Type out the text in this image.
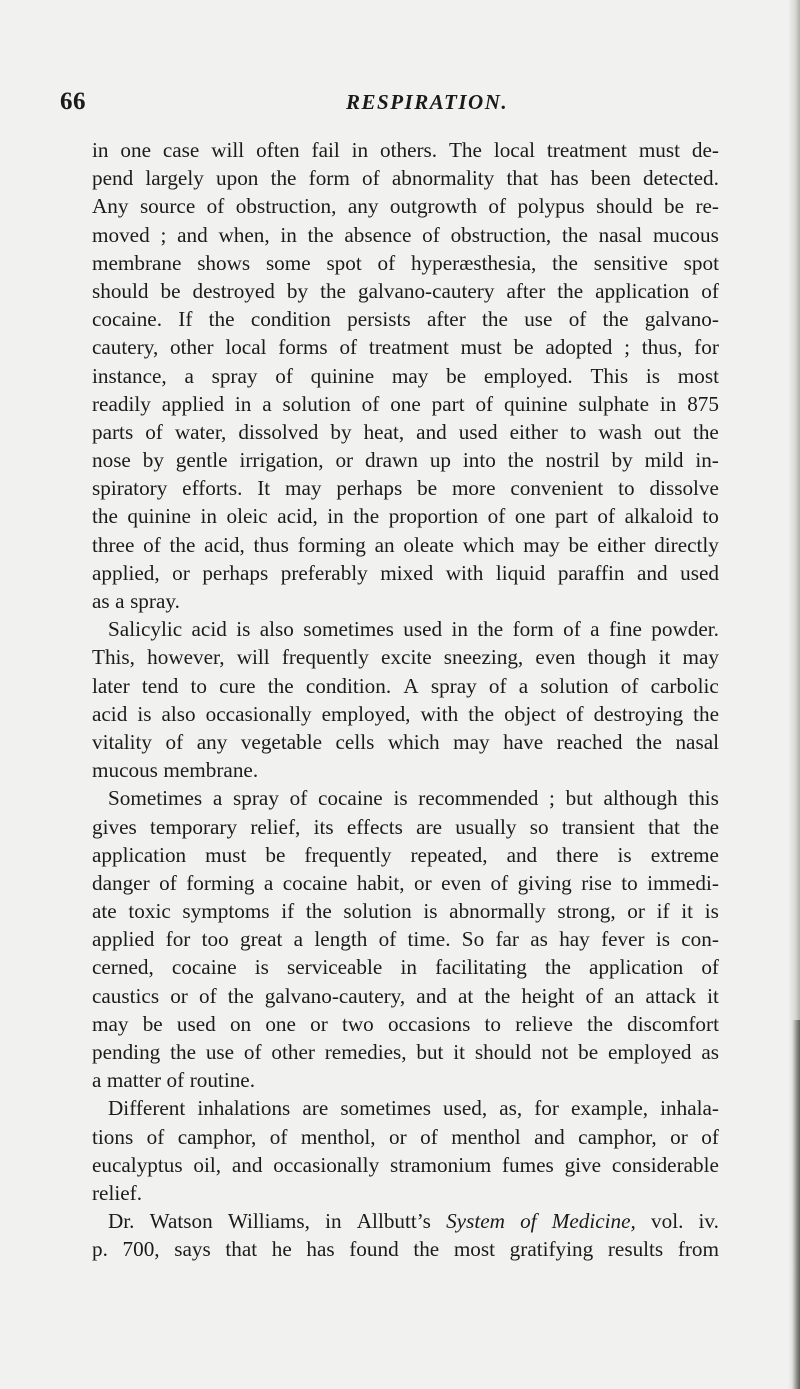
66	RESPIRATION.
in one case will often fail in others. The local treatment must de-
pend largely upon the form of abnormality that has been detected.
Any source of obstruction, any outgrowth of polypus should be re-
moved ; and when, in the absence of obstruction, the nasal mucous
membrane shows some spot of hyperæsthesia, the sensitive spot
should be destroyed by the galvano-cautery after the application of
cocaine. If the condition persists after the use of the galvano-
cautery, other local forms of treatment must be adopted ; thus, for
instance, a spray of quinine may be employed. This is most
readily applied in a solution of one part of quinine sulphate in 875
parts of water, dissolved by heat, and used either to wash out the
nose by gentle irrigation, or drawn up into the nostril by mild in-
spiratory efforts. It may perhaps be more convenient to dissolve
the quinine in oleic acid, in the proportion of one part of alkaloid to
three of the acid, thus forming an oleate which may be either directly
applied, or perhaps preferably mixed with liquid paraffin and used
as a spray.
Salicylic acid is also sometimes used in the form of a fine powder.
This, however, will frequently excite sneezing, even though it may
later tend to cure the condition. A spray of a solution of carbolic
acid is also occasionally employed, with the object of destroying the
vitality of any vegetable cells which may have reached the nasal
mucous membrane.
Sometimes a spray of cocaine is recommended ; but although this
gives temporary relief, its effects are usually so transient that the
application must be frequently repeated, and there is extreme
danger of forming a cocaine habit, or even of giving rise to immedi-
ate toxic symptoms if the solution is abnormally strong, or if it is
applied for too great a length of time. So far as hay fever is con-
cerned, cocaine is serviceable in facilitating the application of
caustics or of the galvano-cautery, and at the height of an attack it
may be used on one or two occasions to relieve the discomfort
pending the use of other remedies, but it should not be employed as
a matter of routine.
Different inhalations are sometimes used, as, for example, inhala-
tions of camphor, of menthol, or of menthol and camphor, or of
eucalyptus oil, and occasionally stramonium fumes give considerable
relief.
Dr. Watson Williams, in Allbutt’s System of Medicine, vol. iv.
p. 700, says that he has found the most gratifying results from
